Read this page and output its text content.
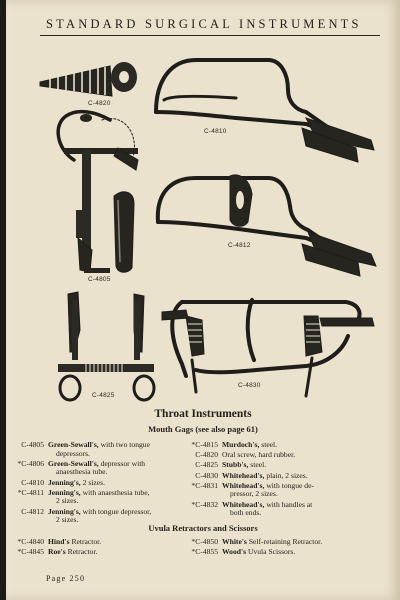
STANDARD SURGICAL INSTRUMENTS
C-4820
C-4810
C-4805
C-4812
C-4825
C-4830
Throat Instruments
Mouth Gags (see also page 61)
C-4805 Green-Sewall's, with two tongue
depressors.
*C-4806 Green-Sewall's, depressor with
anaesthesia tube.
C-4810 Jenning's, 2 sizes.
*C-4811 Jenning's, with anaesthesia tube,
2 sizes.
C-4812 Jenning's, with tongue depressor,
2 sizes.
*C-4815 Murdoch's, steel.
C-4820 Oral screw, hard rubber.
C-4825 Stubb's, steel.
C-4830 Whitehead's, plain, 2 sizes.
*C-4831 Whitehead's, with tongue de-
pressor, 2 sizes.
*C-4832 Whitehead's, with handles at
both ends.
Uvula Retractors and Scissors
*C-4840 Hind's Retractor.
*C-4845 Roe's Retractor.
*C-4850 White's Self-retaining Retractor.
*C-4855 Wood's Uvula Scissors.
Page 250
